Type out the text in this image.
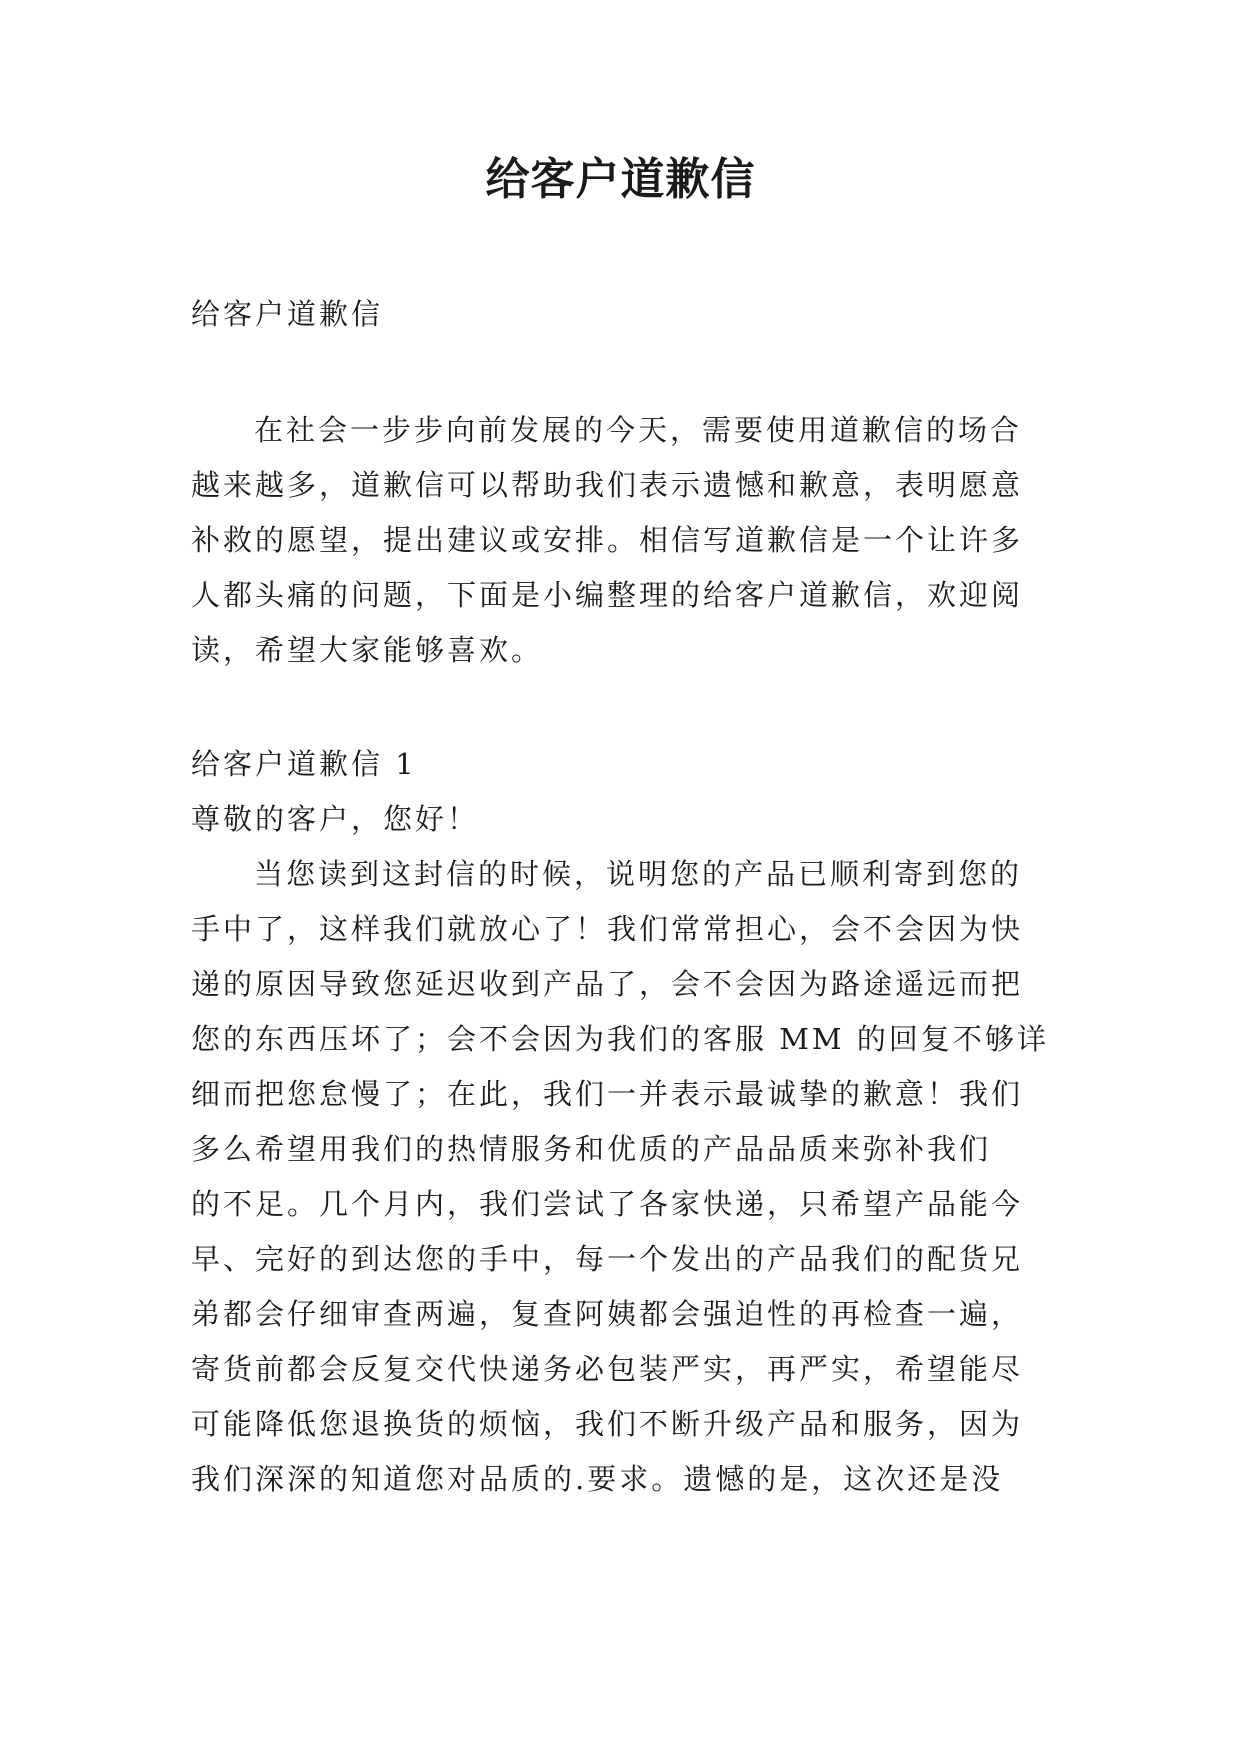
给客户道歉信

给客户道歉信

在社会一步步向前发展的今天，需要使用道歉信的场合

越来越多，道歉信可以帮助我们表示遗憾和歉意，表明愿意

补救的愿望，提出建议或安排。相信写道歉信是一个让许多

人都头痛的问题，下面是小编整理的给客户道歉信，欢迎阅

读，希望大家能够喜欢。

给客户道歉信 1

尊敬的客户，您好！

当您读到这封信的时候，说明您的产品已顺利寄到您的

手中了，这样我们就放心了！我们常常担心，会不会因为快

递的原因导致您延迟收到产品了，会不会因为路途遥远而把

您的东西压坏了；会不会因为我们的客服 MM 的回复不够详

细而把您怠慢了；在此，我们一并表示最诚挚的歉意！我们

多么希望用我们的热情服务和优质的产品品质来弥补我们

的不足。几个月内，我们尝试了各家快递，只希望产品能今

早、完好的到达您的手中，每一个发出的产品我们的配货兄

弟都会仔细审查两遍，复查阿姨都会强迫性的再检查一遍，

寄货前都会反复交代快递务必包装严实，再严实，希望能尽

可能降低您退换货的烦恼，我们不断升级产品和服务，因为

我们深深的知道您对品质的.要求。遗憾的是，这次还是没
